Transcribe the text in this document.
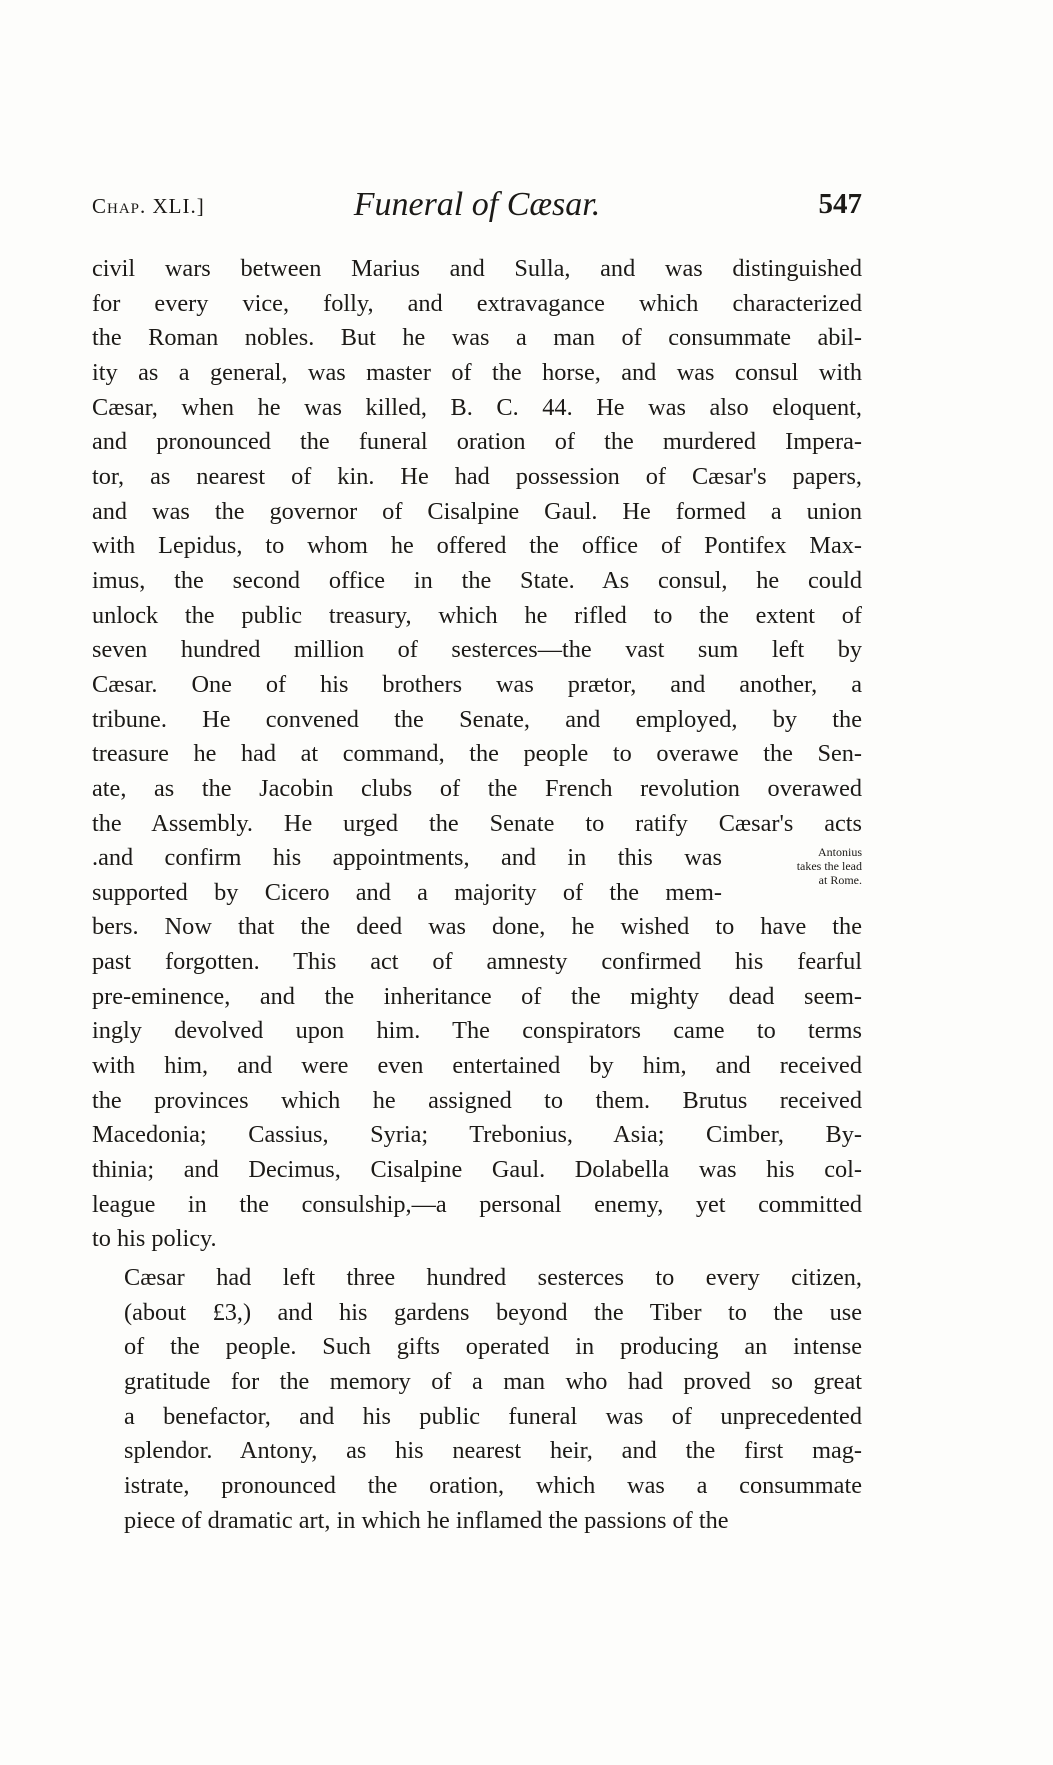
Chap. XLI.]	Funeral of Cæsar.	547

civil wars between Marius and Sulla, and was distinguished
for every vice, folly, and extravagance which characterized
the Roman nobles. But he was a man of consummate abil-
ity as a general, was master of the horse, and was consul with
Cæsar, when he was killed, B. C. 44. He was also eloquent,
and pronounced the funeral oration of the murdered Impera-
tor, as nearest of kin. He had possession of Cæsar's papers,
and was the governor of Cisalpine Gaul. He formed a union
with Lepidus, to whom he offered the office of Pontifex Max-
imus, the second office in the State. As consul, he could
unlock the public treasury, which he rifled to the extent of
seven hundred million of sesterces—the vast sum left by
Cæsar. One of his brothers was prætor, and another, a
tribune. He convened the Senate, and employed, by the
treasure he had at command, the people to overawe the Sen-
ate, as the Jacobin clubs of the French revolution overawed
the Assembly. He urged the Senate to ratify Cæsar's acts
.and confirm his appointments, and in this was	Antonius
takes the lead
at Rome.
supported by Cicero and a majority of the mem-
bers. Now that the deed was done, he wished to have the
past forgotten. This act of amnesty confirmed his fearful
pre-eminence, and the inheritance of the mighty dead seem-
ingly devolved upon him. The conspirators came to terms
with him, and were even entertained by him, and received
the provinces which he assigned to them. Brutus received
Macedonia; Cassius, Syria; Trebonius, Asia; Cimber, By-
thinia; and Decimus, Cisalpine Gaul. Dolabella was his col-
league in the consulship,—a personal enemy, yet committed
to his policy.

Cæsar had left three hundred sesterces to every citizen,
(about £3,) and his gardens beyond the Tiber to the use
of the people. Such gifts operated in producing an intense
gratitude for the memory of a man who had proved so great
a benefactor, and his public funeral was of unprecedented
splendor. Antony, as his nearest heir, and the first mag-
istrate, pronounced the oration, which was a consummate
piece of dramatic art, in which he inflamed the passions of the
